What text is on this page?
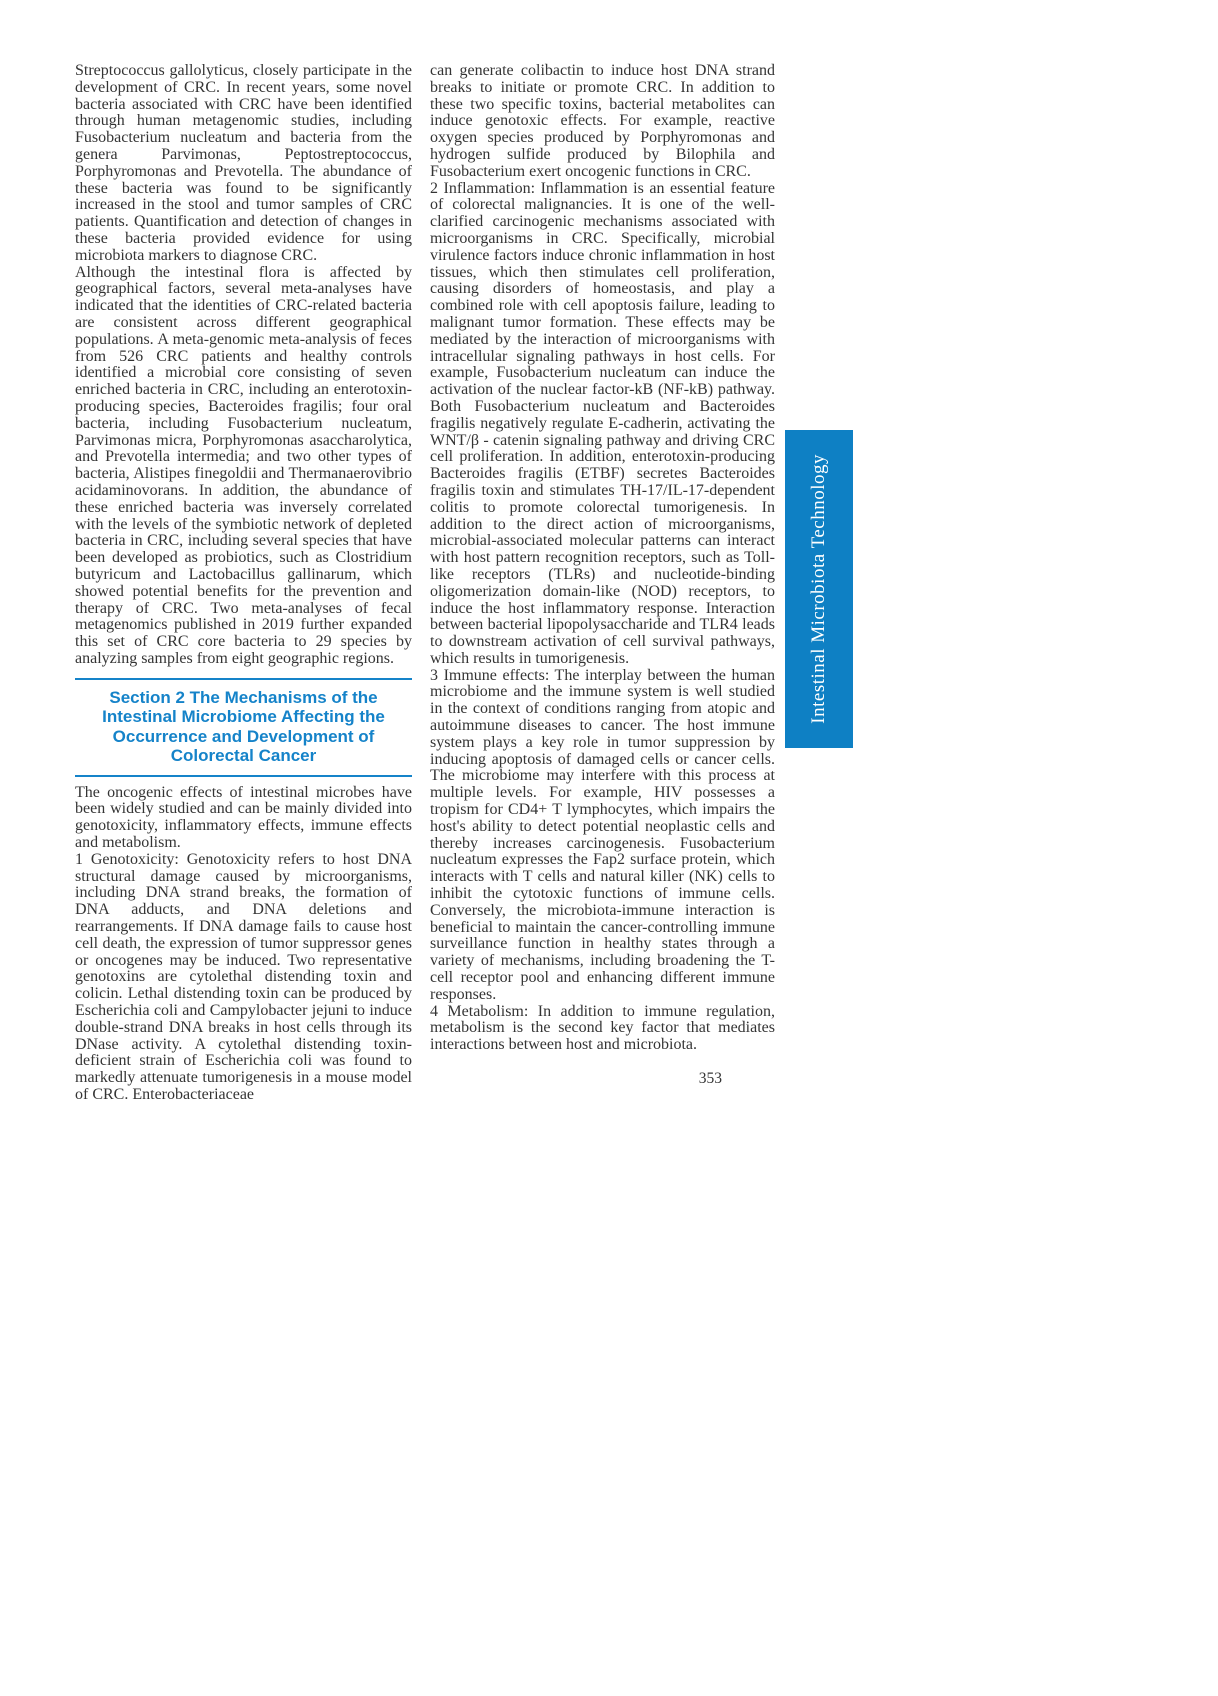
Streptococcus gallolyticus, closely participate in the development of CRC. In recent years, some novel bacteria associated with CRC have been identified through human metagenomic studies, including Fusobacterium nucleatum and bacteria from the genera Parvimonas, Peptostreptococcus, Porphyromonas and Prevotella. The abundance of these bacteria was found to be significantly increased in the stool and tumor samples of CRC patients. Quantification and detection of changes in these bacteria provided evidence for using microbiota markers to diagnose CRC.

Although the intestinal flora is affected by geographical factors, several meta-analyses have indicated that the identities of CRC-related bacteria are consistent across different geographical populations. A meta-genomic meta-analysis of feces from 526 CRC patients and healthy controls identified a microbial core consisting of seven enriched bacteria in CRC, including an enterotoxin-producing species, Bacteroides fragilis; four oral bacteria, including Fusobacterium nucleatum, Parvimonas micra, Porphyromonas asaccharolytica, and Prevotella intermedia; and two other types of bacteria, Alistipes finegoldii and Thermanaerovibrio acidaminovorans. In addition, the abundance of these enriched bacteria was inversely correlated with the levels of the symbiotic network of depleted bacteria in CRC, including several species that have been developed as probiotics, such as Clostridium butyricum and Lactobacillus gallinarum, which showed potential benefits for the prevention and therapy of CRC. Two meta-analyses of fecal metagenomics published in 2019 further expanded this set of CRC core bacteria to 29 species by analyzing samples from eight geographic regions.

Section 2 The Mechanisms of the Intestinal Microbiome Affecting the Occurrence and Development of Colorectal Cancer

The oncogenic effects of intestinal microbes have been widely studied and can be mainly divided into genotoxicity, inflammatory effects, immune effects and metabolism.

1 Genotoxicity: Genotoxicity refers to host DNA structural damage caused by microorganisms, including DNA strand breaks, the formation of DNA adducts, and DNA deletions and rearrangements. If DNA damage fails to cause host cell death, the expression of tumor suppressor genes or oncogenes may be induced. Two representative genotoxins are cytolethal distending toxin and colicin. Lethal distending toxin can be produced by Escherichia coli and Campylobacter jejuni to induce double-strand DNA breaks in host cells through its DNase activity. A cytolethal distending toxin-deficient strain of Escherichia coli was found to markedly attenuate tumorigenesis in a mouse model of CRC. Enterobacteriaceae

can generate colibactin to induce host DNA strand breaks to initiate or promote CRC. In addition to these two specific toxins, bacterial metabolites can induce genotoxic effects. For example, reactive oxygen species produced by Porphyromonas and hydrogen sulfide produced by Bilophila and Fusobacterium exert oncogenic functions in CRC.

2 Inflammation: Inflammation is an essential feature of colorectal malignancies. It is one of the well-clarified carcinogenic mechanisms associated with microorganisms in CRC. Specifically, microbial virulence factors induce chronic inflammation in host tissues, which then stimulates cell proliferation, causing disorders of homeostasis, and play a combined role with cell apoptosis failure, leading to malignant tumor formation. These effects may be mediated by the interaction of microorganisms with intracellular signaling pathways in host cells. For example, Fusobacterium nucleatum can induce the activation of the nuclear factor-kB (NF-kB) pathway. Both Fusobacterium nucleatum and Bacteroides fragilis negatively regulate E-cadherin, activating the WNT/β - catenin signaling pathway and driving CRC cell proliferation. In addition, enterotoxin-producing Bacteroides fragilis (ETBF) secretes Bacteroides fragilis toxin and stimulates TH-17/IL-17-dependent colitis to promote colorectal tumorigenesis. In addition to the direct action of microorganisms, microbial-associated molecular patterns can interact with host pattern recognition receptors, such as Toll-like receptors (TLRs) and nucleotide-binding oligomerization domain-like (NOD) receptors, to induce the host inflammatory response. Interaction between bacterial lipopolysaccharide and TLR4 leads to downstream activation of cell survival pathways, which results in tumorigenesis.

3 Immune effects: The interplay between the human microbiome and the immune system is well studied in the context of conditions ranging from atopic and autoimmune diseases to cancer. The host immune system plays a key role in tumor suppression by inducing apoptosis of damaged cells or cancer cells. The microbiome may interfere with this process at multiple levels. For example, HIV possesses a tropism for CD4+ T lymphocytes, which impairs the host's ability to detect potential neoplastic cells and thereby increases carcinogenesis. Fusobacterium nucleatum expresses the Fap2 surface protein, which interacts with T cells and natural killer (NK) cells to inhibit the cytotoxic functions of immune cells. Conversely, the microbiota-immune interaction is beneficial to maintain the cancer-controlling immune surveillance function in healthy states through a variety of mechanisms, including broadening the T-cell receptor pool and enhancing different immune responses.

4 Metabolism: In addition to immune regulation, metabolism is the second key factor that mediates interactions between host and microbiota.

Intestinal Microbiota Technology
353
